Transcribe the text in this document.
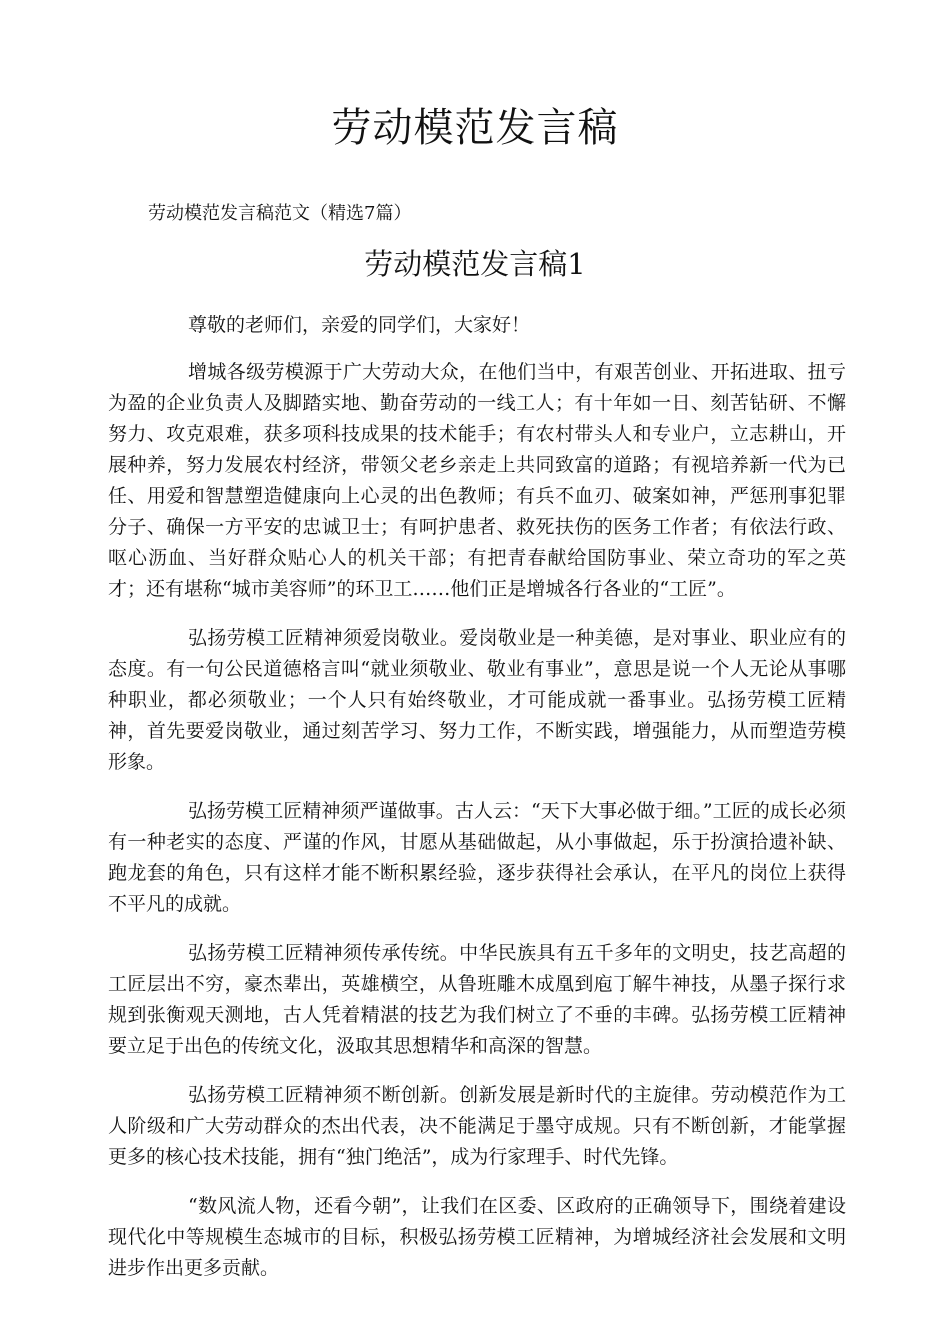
劳动模范发言稿

劳动模范发言稿范文（精选7篇）

劳动模范发言稿1

尊敬的老师们，亲爱的同学们，大家好！

增城各级劳模源于广大劳动大众，在他们当中，有艰苦创业、开拓进取、扭亏为盈的企业负责人及脚踏实地、勤奋劳动的一线工人；有十年如一日、刻苦钻研、不懈努力、攻克艰难，获多项科技成果的技术能手；有农村带头人和专业户，立志耕山，开展种养，努力发展农村经济，带领父老乡亲走上共同致富的道路；有视培养新一代为已任、用爱和智慧塑造健康向上心灵的出色教师；有兵不血刃、破案如神，严惩刑事犯罪分子、确保一方平安的忠诚卫士；有呵护患者、救死扶伤的医务工作者；有依法行政、呕心沥血、当好群众贴心人的机关干部；有把青春献给国防事业、荣立奇功的军之英才；还有堪称“城市美容师”的环卫工……他们正是增城各行各业的“工匠”。

弘扬劳模工匠精神须爱岗敬业。爱岗敬业是一种美德，是对事业、职业应有的态度。有一句公民道德格言叫“就业须敬业、敬业有事业”，意思是说一个人无论从事哪种职业，都必须敬业；一个人只有始终敬业，才可能成就一番事业。弘扬劳模工匠精神，首先要爱岗敬业，通过刻苦学习、努力工作，不断实践，增强能力，从而塑造劳模形象。

弘扬劳模工匠精神须严谨做事。古人云：“天下大事必做于细。”工匠的成长必须有一种老实的态度、严谨的作风，甘愿从基础做起，从小事做起，乐于扮演拾遗补缺、跑龙套的角色，只有这样才能不断积累经验，逐步获得社会承认，在平凡的岗位上获得不平凡的成就。

弘扬劳模工匠精神须传承传统。中华民族具有五千多年的文明史，技艺高超的工匠层出不穷，豪杰辈出，英雄横空，从鲁班雕木成凰到庖丁解牛神技，从墨子探行求规到张衡观天测地，古人凭着精湛的技艺为我们树立了不垂的丰碑。弘扬劳模工匠精神要立足于出色的传统文化，汲取其思想精华和高深的智慧。

弘扬劳模工匠精神须不断创新。创新发展是新时代的主旋律。劳动模范作为工人阶级和广大劳动群众的杰出代表，决不能满足于墨守成规。只有不断创新，才能掌握更多的核心技术技能，拥有“独门绝活”，成为行家理手、时代先锋。

“数风流人物，还看今朝”，让我们在区委、区政府的正确领导下，围绕着建设现代化中等规模生态城市的目标，积极弘扬劳模工匠精神，为增城经济社会发展和文明进步作出更多贡献。
